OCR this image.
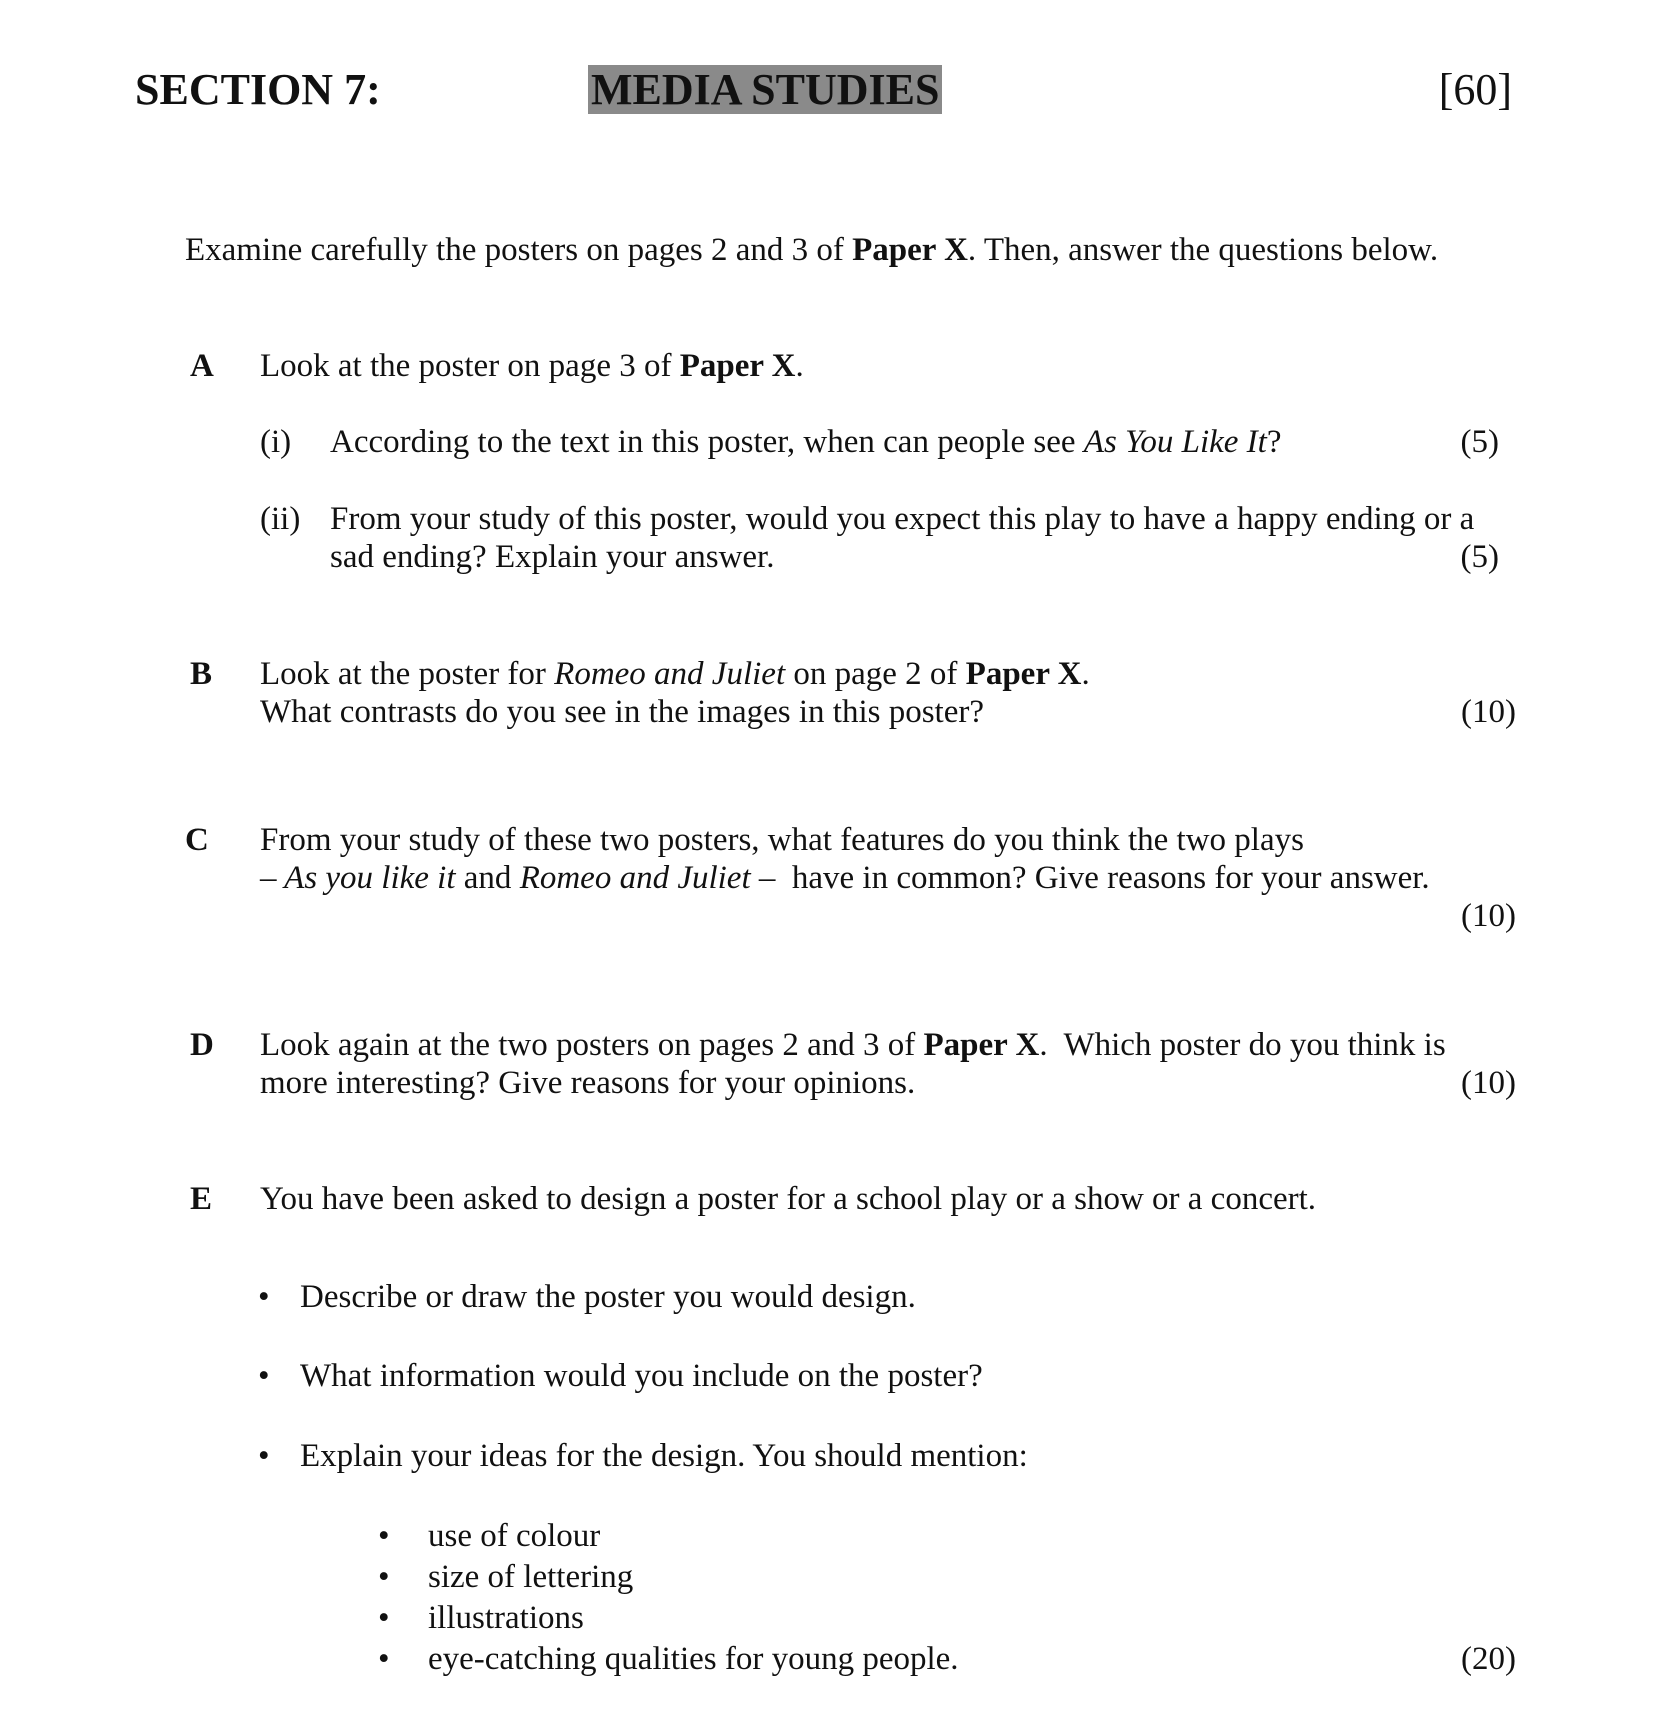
SECTION 7:	MEDIA STUDIES	[60]
Examine carefully the posters on pages 2 and 3 of Paper X. Then, answer the questions below.
A Look at the poster on page 3 of Paper X.
(i) According to the text in this poster, when can people see As You Like It?	(5)
(ii) From your study of this poster, would you expect this play to have a happy ending or a
sad ending? Explain your answer.	(5)
B Look at the poster for Romeo and Juliet on page 2 of Paper X.
What contrasts do you see in the images in this poster?	(10)
C From your study of these two posters, what features do you think the two plays
– As you like it and Romeo and Juliet –  have in common? Give reasons for your answer.
(10)
D Look again at the two posters on pages 2 and 3 of Paper X.  Which poster do you think is
more interesting? Give reasons for your opinions.	(10)
E You have been asked to design a poster for a school play or a show or a concert.
• Describe or draw the poster you would design.
• What information would you include on the poster?
• Explain your ideas for the design. You should mention:
• use of colour
• size of lettering
• illustrations
• eye-catching qualities for young people.	(20)
